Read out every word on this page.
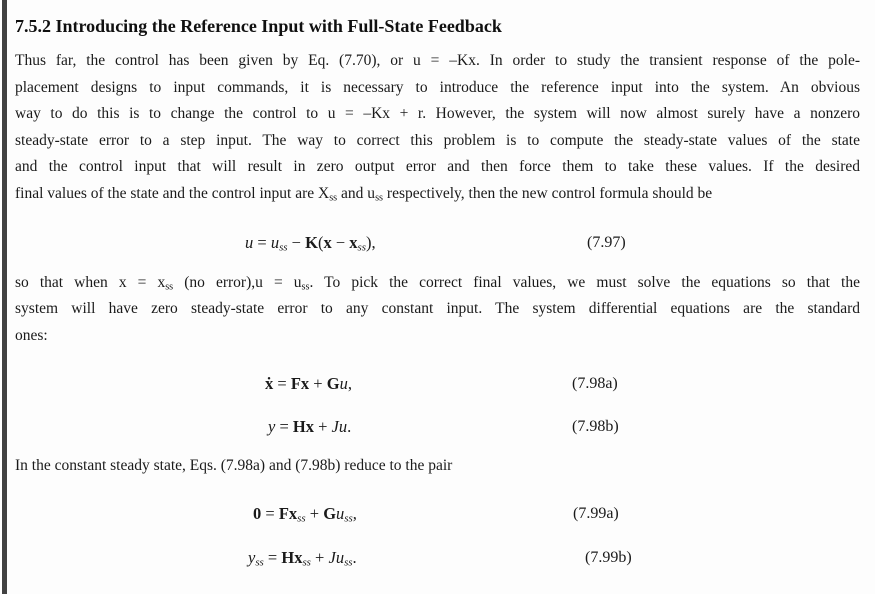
7.5.2 Introducing the Reference Input with Full-State Feedback
Thus far, the control has been given by Eq. (7.70), or u = –Kx. In order to study the transient response of the pole-
placement designs to input commands, it is necessary to introduce the reference input into the system. An obvious
way to do this is to change the control to u = –Kx + r. However, the system will now almost surely have a nonzero
steady-state error to a step input. The way to correct this problem is to compute the steady-state values of the state
and the control input that will result in zero output error and then force them to take these values. If the desired
final values of the state and the control input are $X_{ss}$ and $u_{ss}$ respectively, then the new control formula should be
$u = u_{ss} - K(x - x_{ss})$,	(7.97)
so that when $x = x_{ss}$ (no error),u = $u_{ss}$. To pick the correct final values, we must solve the equations so that the
system will have zero steady-state error to any constant input. The system differential equations are the standard
ones:
ẋ = Fx + Gu,	(7.98a)
y = Hx + Ju.	(7.98b)
In the constant steady state, Eqs. (7.98a) and (7.98b) reduce to the pair
$0 = Fx_{ss} + Gu_{ss}$,	(7.99a)
$y_{ss} = Hx_{ss} + Ju_{ss}$.	(7.99b)
